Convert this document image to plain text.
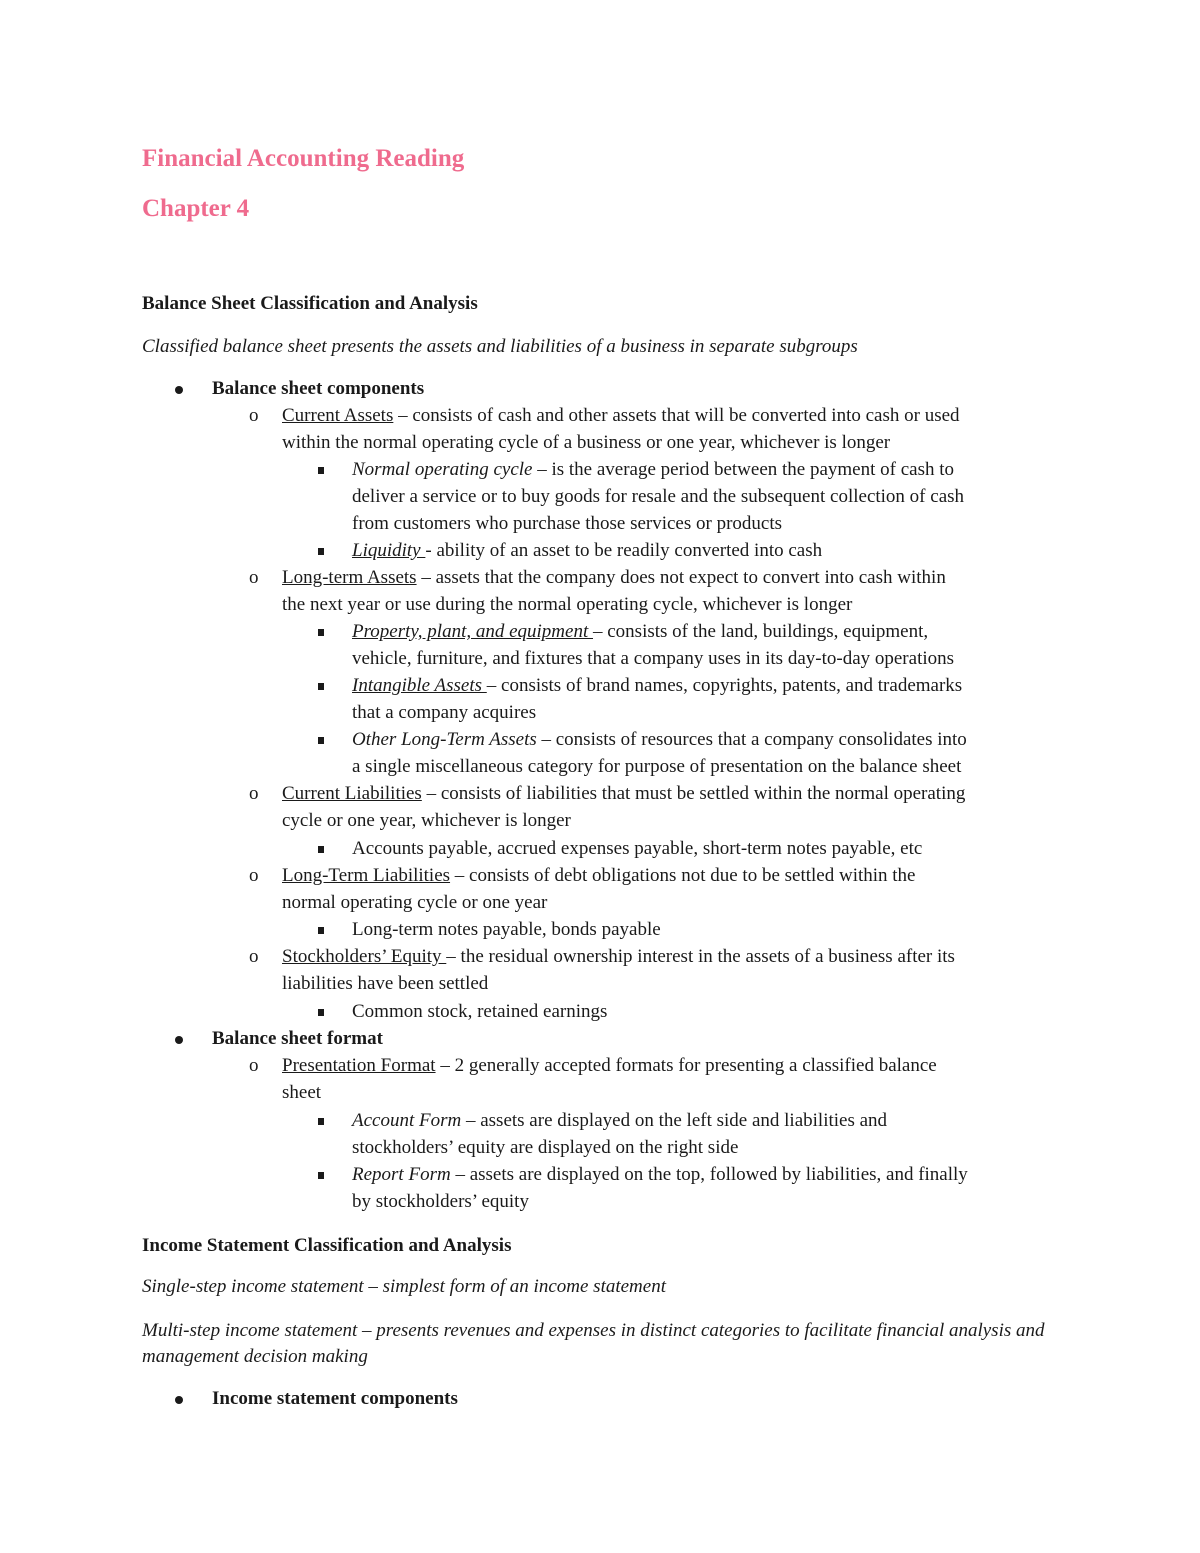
Financial Accounting Reading
Chapter 4
Balance Sheet Classification and Analysis
Classified balance sheet presents the assets and liabilities of a business in separate subgroups
Balance sheet components
o Current Assets – consists of cash and other assets that will be converted into cash or used
within the normal operating cycle of a business or one year, whichever is longer
Normal operating cycle – is the average period between the payment of cash to
deliver a service or to buy goods for resale and the subsequent collection of cash
from customers who purchase those services or products
Liquidity - ability of an asset to be readily converted into cash
o Long-term Assets – assets that the company does not expect to convert into cash within
the next year or use during the normal operating cycle, whichever is longer
Property, plant, and equipment – consists of the land, buildings, equipment,
vehicle, furniture, and fixtures that a company uses in its day-to-day operations
Intangible Assets – consists of brand names, copyrights, patents, and trademarks
that a company acquires
Other Long-Term Assets – consists of resources that a company consolidates into
a single miscellaneous category for purpose of presentation on the balance sheet
o Current Liabilities – consists of liabilities that must be settled within the normal operating
cycle or one year, whichever is longer
Accounts payable, accrued expenses payable, short-term notes payable, etc
o Long-Term Liabilities – consists of debt obligations not due to be settled within the
normal operating cycle or one year
Long-term notes payable, bonds payable
o Stockholders’ Equity – the residual ownership interest in the assets of a business after its
liabilities have been settled
Common stock, retained earnings
Balance sheet format
o Presentation Format – 2 generally accepted formats for presenting a classified balance
sheet
Account Form – assets are displayed on the left side and liabilities and
stockholders’ equity are displayed on the right side
Report Form – assets are displayed on the top, followed by liabilities, and finally
by stockholders’ equity
Income Statement Classification and Analysis
Single-step income statement – simplest form of an income statement
Multi-step income statement – presents revenues and expenses in distinct categories to facilitate financial analysis and management decision making
Income statement components
